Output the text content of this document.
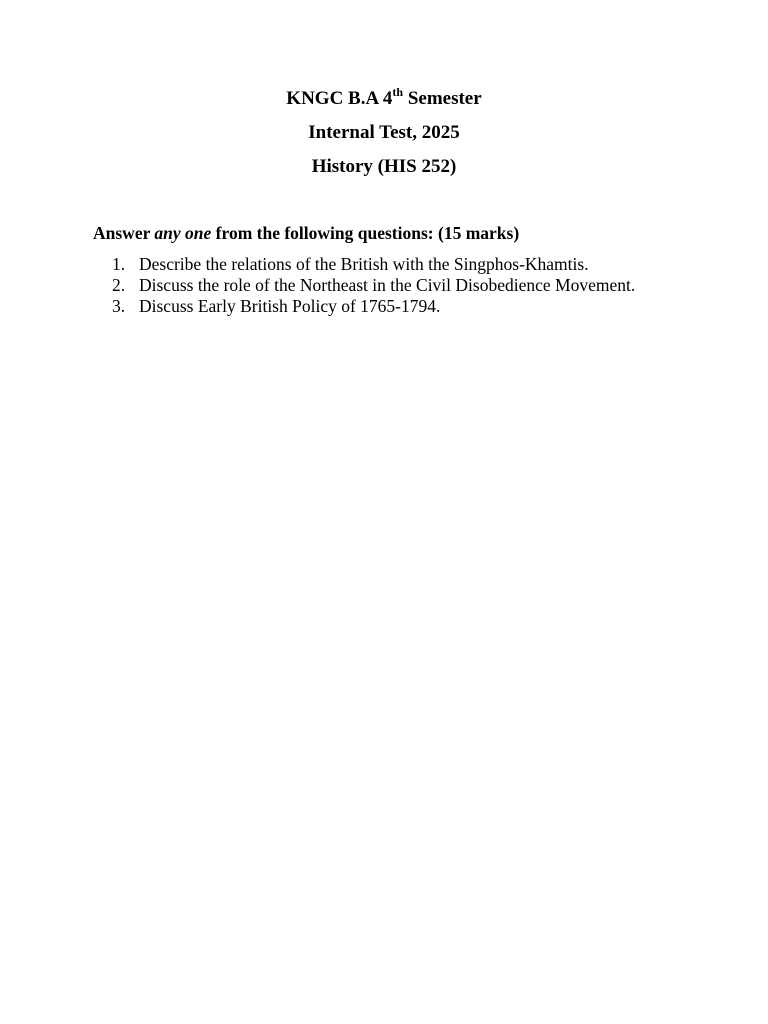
KNGC B.A 4th Semester
Internal Test, 2025
History (HIS 252)
Answer any one from the following questions: (15 marks)
1. Describe the relations of the British with the Singphos-Khamtis.
2. Discuss the role of the Northeast in the Civil Disobedience Movement.
3. Discuss Early British Policy of 1765-1794.
